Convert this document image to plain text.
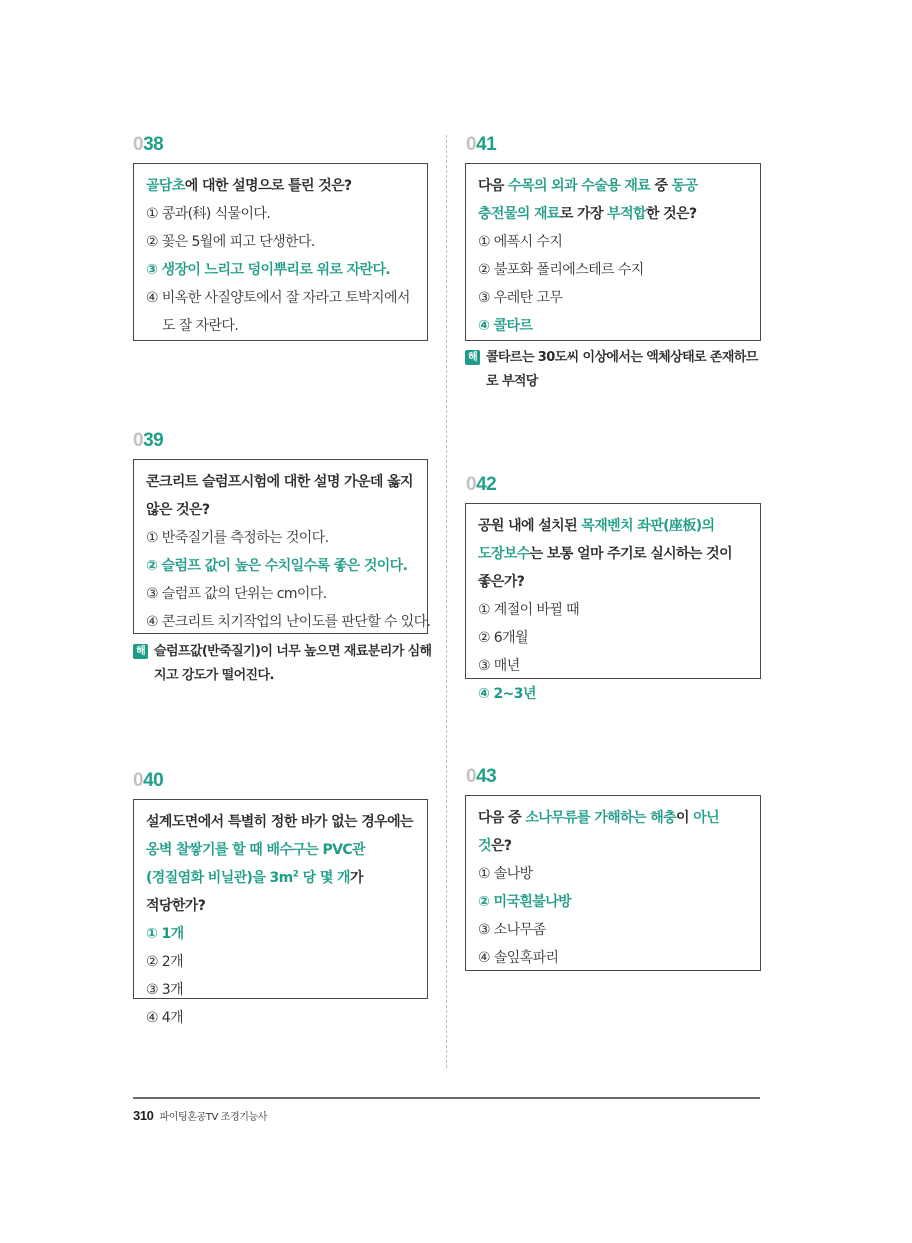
038

골담초에 대한 설명으로 틀린 것은?

① 콩과(科) 식물이다.

② 꽃은 5월에 피고 단생한다.

③ 생장이 느리고 덩이뿌리로 위로 자란다.

④ 비옥한 사질양토에서 잘 자라고 토박지에서
도 잘 자란다.

039

콘크리트 슬럼프시험에 대한 설명 가운데 옳지 않은 것은?

① 반죽질기를 측정하는 것이다.

② 슬럼프 값이 높은 수치일수록 좋은 것이다.

③ 슬럼프 값의 단위는 cm이다.

④ 콘크리트 치기작업의 난이도를 판단할 수 있다.

해 슬럼프값(반죽질기)이 너무 높으면 재료분리가 심해
지고 강도가 떨어진다.
040

설계도면에서 특별히 정한 바가 없는 경우에는 옹벽 찰쌓기를 할 때 배수구는 PVC관(경질염화 비닐관)을 $3m^2$ 당 몇 개가 적당한가?

① 1개

② 2개

③ 3개

④ 4개

041

다음 수목의 외과 수술용 재료 중 동공 충전물의 재료로 가장 부적합한 것은?

① 에폭시 수지

② 불포화 폴리에스테르 수지

③ 우레탄 고무

④ 콜타르

해 콜타르는 30도씨 이상에서는 액체상태로 존재하므
로 부적당
042

공원 내에 설치된 목재벤치 좌판(座板)의 도장보수는 보통 얼마 주기로 실시하는 것이 좋은가?

① 계절이 바뀔 때

② 6개월

③ 매년

④ 2~3년

043

다음 중 소나무류를 가해하는 해충이 아닌 것은?

① 솔나방

② 미국흰불나방

③ 소나무좀

④ 솔잎혹파리

310 파이팅혼공TV 조경기능사
